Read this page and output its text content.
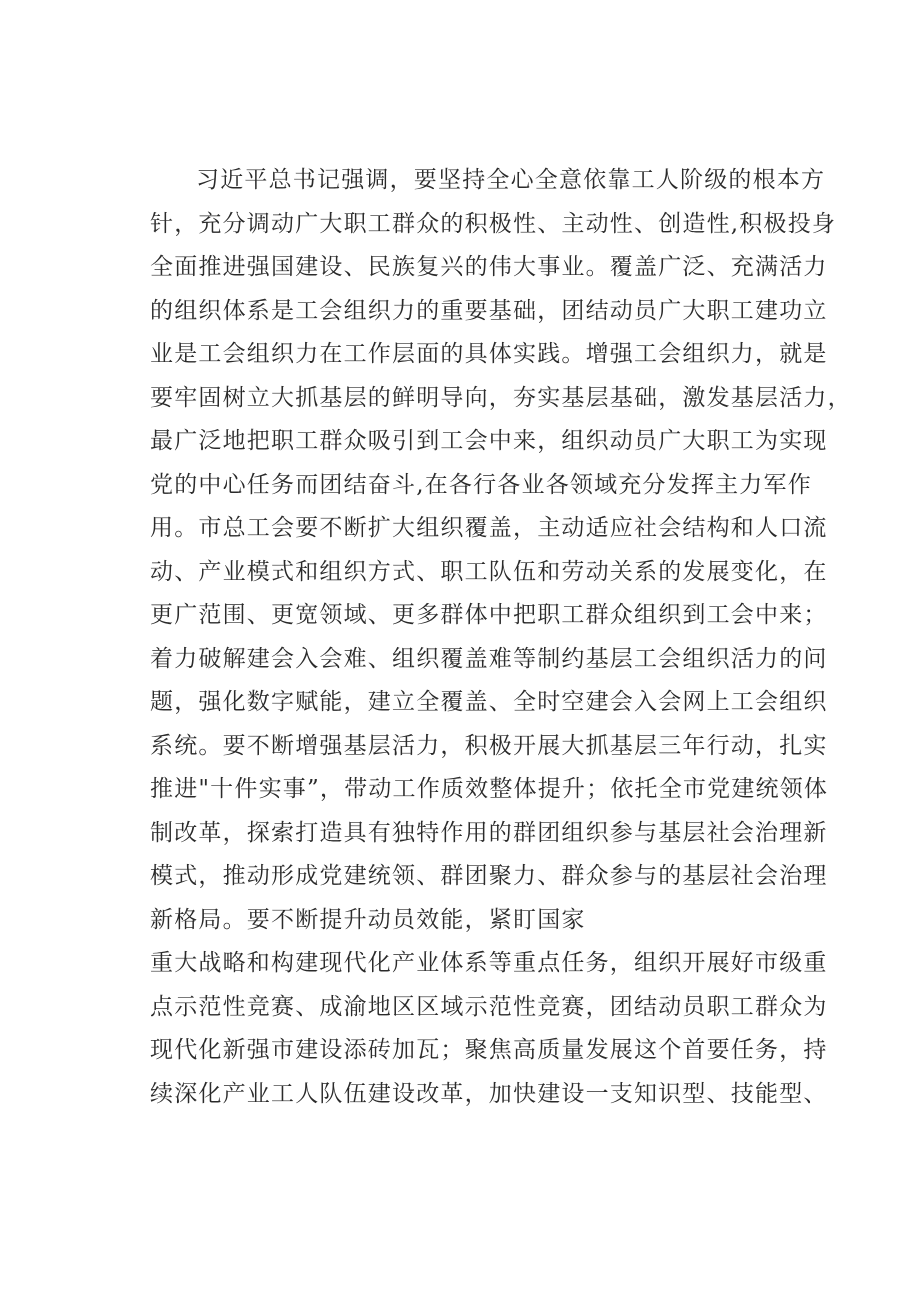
习近平总书记强调，要坚持全心全意依靠工人阶级的根本方
针，充分调动广大职工群众的积极性、主动性、创造性,积极投身
全面推进强国建设、民族复兴的伟大事业。覆盖广泛、充满活力
的组织体系是工会组织力的重要基础，团结动员广大职工建功立
业是工会组织力在工作层面的具体实践。增强工会组织力，就是
要牢固树立大抓基层的鲜明导向，夯实基层基础，激发基层活力，
最广泛地把职工群众吸引到工会中来，组织动员广大职工为实现
党的中心任务而团结奋斗,在各行各业各领域充分发挥主力军作
用。市总工会要不断扩大组织覆盖，主动适应社会结构和人口流
动、产业模式和组织方式、职工队伍和劳动关系的发展变化，在
更广范围、更宽领域、更多群体中把职工群众组织到工会中来；
着力破解建会入会难、组织覆盖难等制约基层工会组织活力的问
题，强化数字赋能，建立全覆盖、全时空建会入会网上工会组织
系统。要不断增强基层活力，积极开展大抓基层三年行动，扎实
推进"十件实事”，带动工作质效整体提升；依托全市党建统领体
制改革，探索打造具有独特作用的群团组织参与基层社会治理新
模式，推动形成党建统领、群团聚力、群众参与的基层社会治理
新格局。要不断提升动员效能，紧盯国家
重大战略和构建现代化产业体系等重点任务，组织开展好市级重
点示范性竞赛、成渝地区区域示范性竞赛，团结动员职工群众为
现代化新强市建设添砖加瓦；聚焦高质量发展这个首要任务，持
续深化产业工人队伍建设改革，加快建设一支知识型、技能型、
